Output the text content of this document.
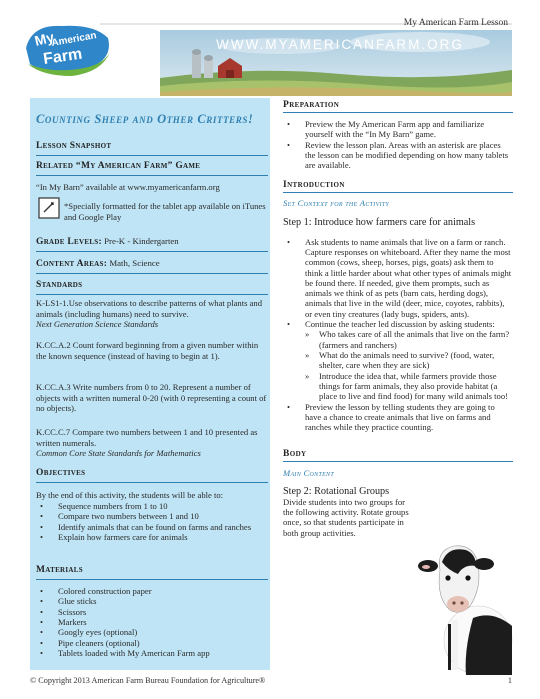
My American Farm Lesson
WWW.MYAMERICANFARM.ORG
My
American
Farm
Counting Sheep and Other Critters!
Lesson Snapshot
Related “My American Farm” Game
“In My Barn” available at www.myamericanfarm.org
*Specially formatted for the tablet app available on iTunes and Google Play
Grade Levels: Pre-K - Kindergarten
Content Areas: Math, Science
Standards

K-LS1-1.Use observations to describe patterns of what plants and animals (including humans) need to survive.

Next Generation Science Standards

K.CC.A.2 Count forward beginning from a given number within the known sequence (instead of having to begin at 1).
K.CC.A.3 Write numbers from 0 to 20. Represent a number of objects with a written numeral 0-20 (with 0 representing a count of no objects).

K.CC.C.7 Compare two numbers between 1 and 10 presented as written numerals.

Common Core State Standards for Mathematics

Objectives
By the end of this activity, the students will be able to:
• Sequence numbers from 1 to 10
• Compare two numbers between 1 and 10
• Identify animals that can be found on farms and ranches
• Explain how farmers care for animals
Materials
• Colored construction paper
• Glue sticks
• Scissors
• Markers
• Googly eyes (optional)
• Pipe cleaners (optional)
• Tablets loaded with My American Farm app
Preparation
• Preview the My American Farm app and familiarize yourself with the “In My Barn” game.
• Review the lesson plan. Areas with an asterisk are places the lesson can be modified depending on how many tablets are available.
Introduction
Set Context for the Activity
Step 1: Introduce how farmers care for animals
• Ask students to name animals that live on a farm or ranch. Capture responses on whiteboard. After they name the most common (cows, sheep, horses, pigs, goats) ask them to think a little harder about what other types of animals might be found there. If needed, give them prompts, such as animals we think of as pets (barn cats, herding dogs), animals that live in the wild (deer, mice, coyotes, rabbits), or even tiny creatures (lady bugs, spiders, ants).
• Continue the teacher led discussion by asking students:
» Who takes care of all the animals that live on the farm? (farmers and ranchers)
» What do the animals need to survive? (food, water, shelter, care when they are sick)
» Introduce the idea that, while farmers provide those things for farm animals, they also provide habitat (a place to live and find food) for many wild animals too!
• Preview the lesson by telling students they are going to have a chance to create animals that live on farms and ranches while they practice counting.
Body
Main Content
Step 2: Rotational Groups
Divide students into two groups for the following activity. Rotate groups once, so that students participate in both group activities.
© Copyright 2013 American Farm Bureau Foundation for Agriculture®	1
